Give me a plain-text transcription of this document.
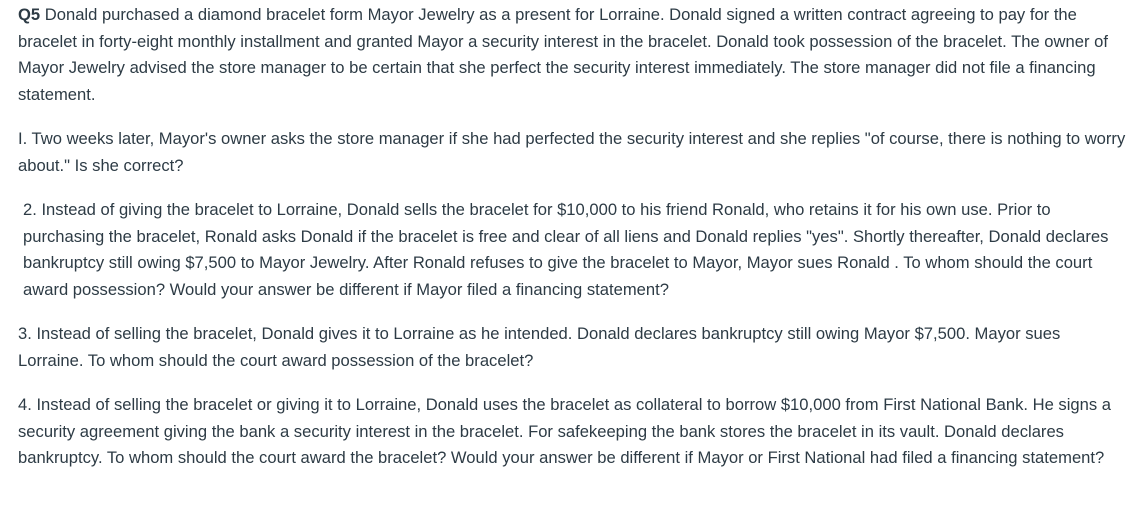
Q5 Donald purchased a diamond bracelet form Mayor Jewelry as a present for Lorraine. Donald signed a written contract agreeing to pay for the bracelet in forty-eight monthly installment and granted Mayor a security interest in the bracelet. Donald took possession of the bracelet. The owner of Mayor Jewelry advised the store manager to be certain that she perfect the security interest immediately. The store manager did not file a financing statement.

I. Two weeks later, Mayor's owner asks the store manager if she had perfected the security interest and she replies "of course, there is nothing to worry about." Is she correct?

2. Instead of giving the bracelet to Lorraine, Donald sells the bracelet for $10,000 to his friend Ronald, who retains it for his own use. Prior to purchasing the bracelet, Ronald asks Donald if the bracelet is free and clear of all liens and Donald replies "yes". Shortly thereafter, Donald declares bankruptcy still owing $7,500 to Mayor Jewelry. After Ronald refuses to give the bracelet to Mayor, Mayor sues Ronald . To whom should the court award possession? Would your answer be different if Mayor filed a financing statement?

3. Instead of selling the bracelet, Donald gives it to Lorraine as he intended. Donald declares bankruptcy still owing Mayor $7,500. Mayor sues Lorraine. To whom should the court award possession of the bracelet?

4. Instead of selling the bracelet or giving it to Lorraine, Donald uses the bracelet as collateral to borrow $10,000 from First National Bank. He signs a security agreement giving the bank a security interest in the bracelet. For safekeeping the bank stores the bracelet in its vault. Donald declares bankruptcy. To whom should the court award the bracelet? Would your answer be different if Mayor or First National had filed a financing statement?
